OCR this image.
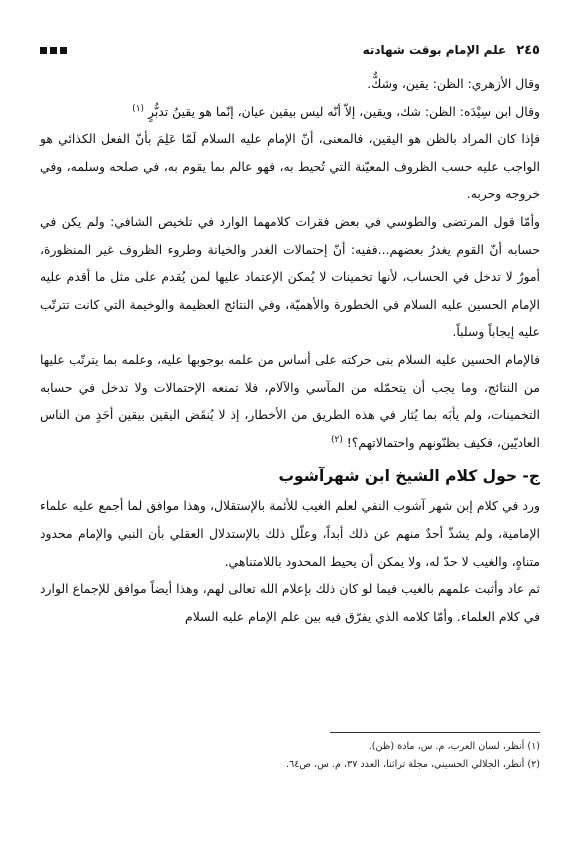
٢٤٥
علم الإمام بوقت شهادته

وقال الأزهري: الظن: يقين، وشكٌّ.

وقال ابن سِيْدَه: الظن: شك، ويقين، إلاّ أنّه ليس بيقين عيان، إنّما هو يقينُ تدبُّرٍ $^{(١)}$

فإذا كان المراد بالظن هو اليقين، فالمعنى، أنّ الإمام عليه السلام لَمّا عَلِمَ بأنّ الفعل الكذائي هو الواجب عليه حسب الظروف المعيّنة التي تُحيط به، فهو عالم بما يقوم به، في صلحه وسلمه، وفي خروجه وحربه.

وأمّا قول المرتضى والطوسي في بعض فقرات كلامهما الوارد في تلخيص الشافي: ولم يكن في حسابه أنّ القوم يغدرُ بعضهم...ففيه: أنّ إحتمالات الغدر والخيانة وطروء الظروف غير المنظورة، أمورٌ لا تدخل في الحساب، لأنها تخمينات لا يُمكن الإعتماد عليها لمن يُقدم على مثل ما أقدم عليه الإمام الحسين عليه السلام في الخطورة والأهميّة، وفي النتائج العظيمة والوخيمة التي كانت تترتّب عليه إيجاباً وسلباً.

فالإمام الحسين عليه السلام بنى حركته على أساس من علمه بوجوبها عليه، وعلمه بما يترتّب عليها من النتائج، وما يجب أن يتحمّله من المآسي والآلام، فلا تمنعه الإحتمالات ولا تدخل في حسابه التخمينات، ولم يأبَه بما يُثار في هذه الطريق من الأخطار، إذ لا يُنقَض اليقين بيقين أحَدٍ من الناس العاديّين، فكيف بظنّونهم واحتمالاتهم؟! $^{(٢)}$

ج- حول كلام الشيخ ابن شهرآشوب

ورد في كلام إبن شهر آشوب النفي لعلم الغيب للأئمة بالإستقلال، وهذا موافق لما أجمع عليه علماء الإمامية، ولم يشذّ أحدٌ منهم عن ذلك أبداً، وعلّل ذلك بالإستدلال العقلي بأن النبي والإمام محدود متناهٍ، والغيب لا حدّ له، ولا يمكن أن يحيط المحدود باللامتناهي.

ثم عاد وأثبت علمهم بالغيب فيما لو كان ذلك بإعلام الله تعالى لهم، وهذا أيضاً موافق للإجماع الوارد في كلام العلماء. وأمّا كلامه الذي يفرّق فيه بين علم الإمام عليه السلام

(١) أنظر، لسان العرب، م. س، مادة (ظن).

(٢) أنظر، الجلالي الحسيني، مجلة تراثنا، العدد ٣٧، م. س، ص٦٤.
